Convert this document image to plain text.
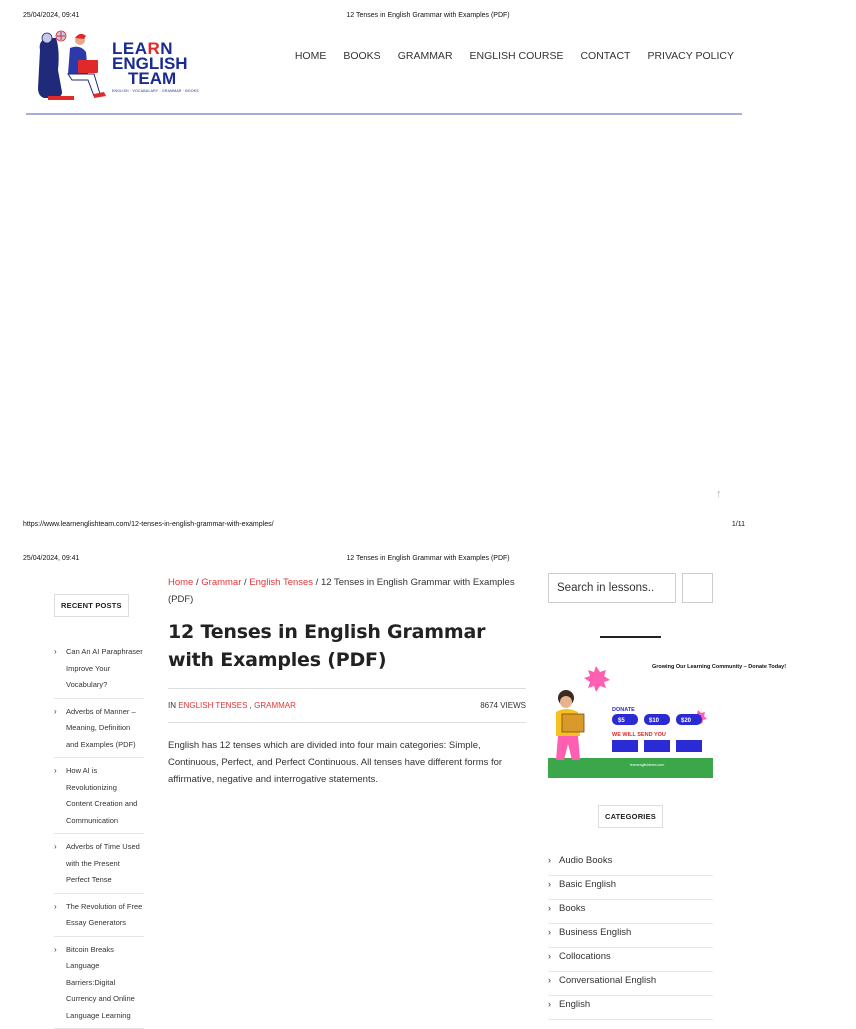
25/04/2024, 09:41	12 Tenses in English Grammar with Examples (PDF)
LEARN
ENGLISH
TEAM
ENGLISH · VOCABULARY · GRAMMAR · BOOKS
HOME BOOKS GRAMMAR ENGLISH COURSE CONTACT PRIVACY POLICY
↑
https://www.learnenglishteam.com/12-tenses-in-english-grammar-with-examples/	1/11
25/04/2024, 09:41	12 Tenses in English Grammar with Examples (PDF)
RECENT POSTS
›	Can An AI Paraphraser Improve Your Vocabulary?
›	Adverbs of Manner – Meaning, Definition and Examples (PDF)
›	How AI is Revolutionizing Content Creation and Communication
›	Adverbs of Time Used with the Present Perfect Tense
›	The Revolution of Free Essay Generators
›	Bitcoin Breaks Language Barriers:Digital Currency and Online Language Learning
Home / Grammar / English Tenses / 12 Tenses in English Grammar with Examples (PDF)
12 Tenses in English Grammar with Examples (PDF)
IN ENGLISH TENSES , GRAMMAR	8674 VIEWS

English has 12 tenses which are divided into four main categories: Simple, Continuous, Perfect, and Perfect Continuous. All tenses have different forms for affirmative, negative and interrogative statements.

Search in lessons..
$5	$10	$20
DONATE
WE WILL SEND YOU
Growing Our Learning Community – Donate Today!
learnenglishteam.com
CATEGORIES
› Audio Books
› Basic English
› Books
› Business English
› Collocations
› Conversational English
› English
